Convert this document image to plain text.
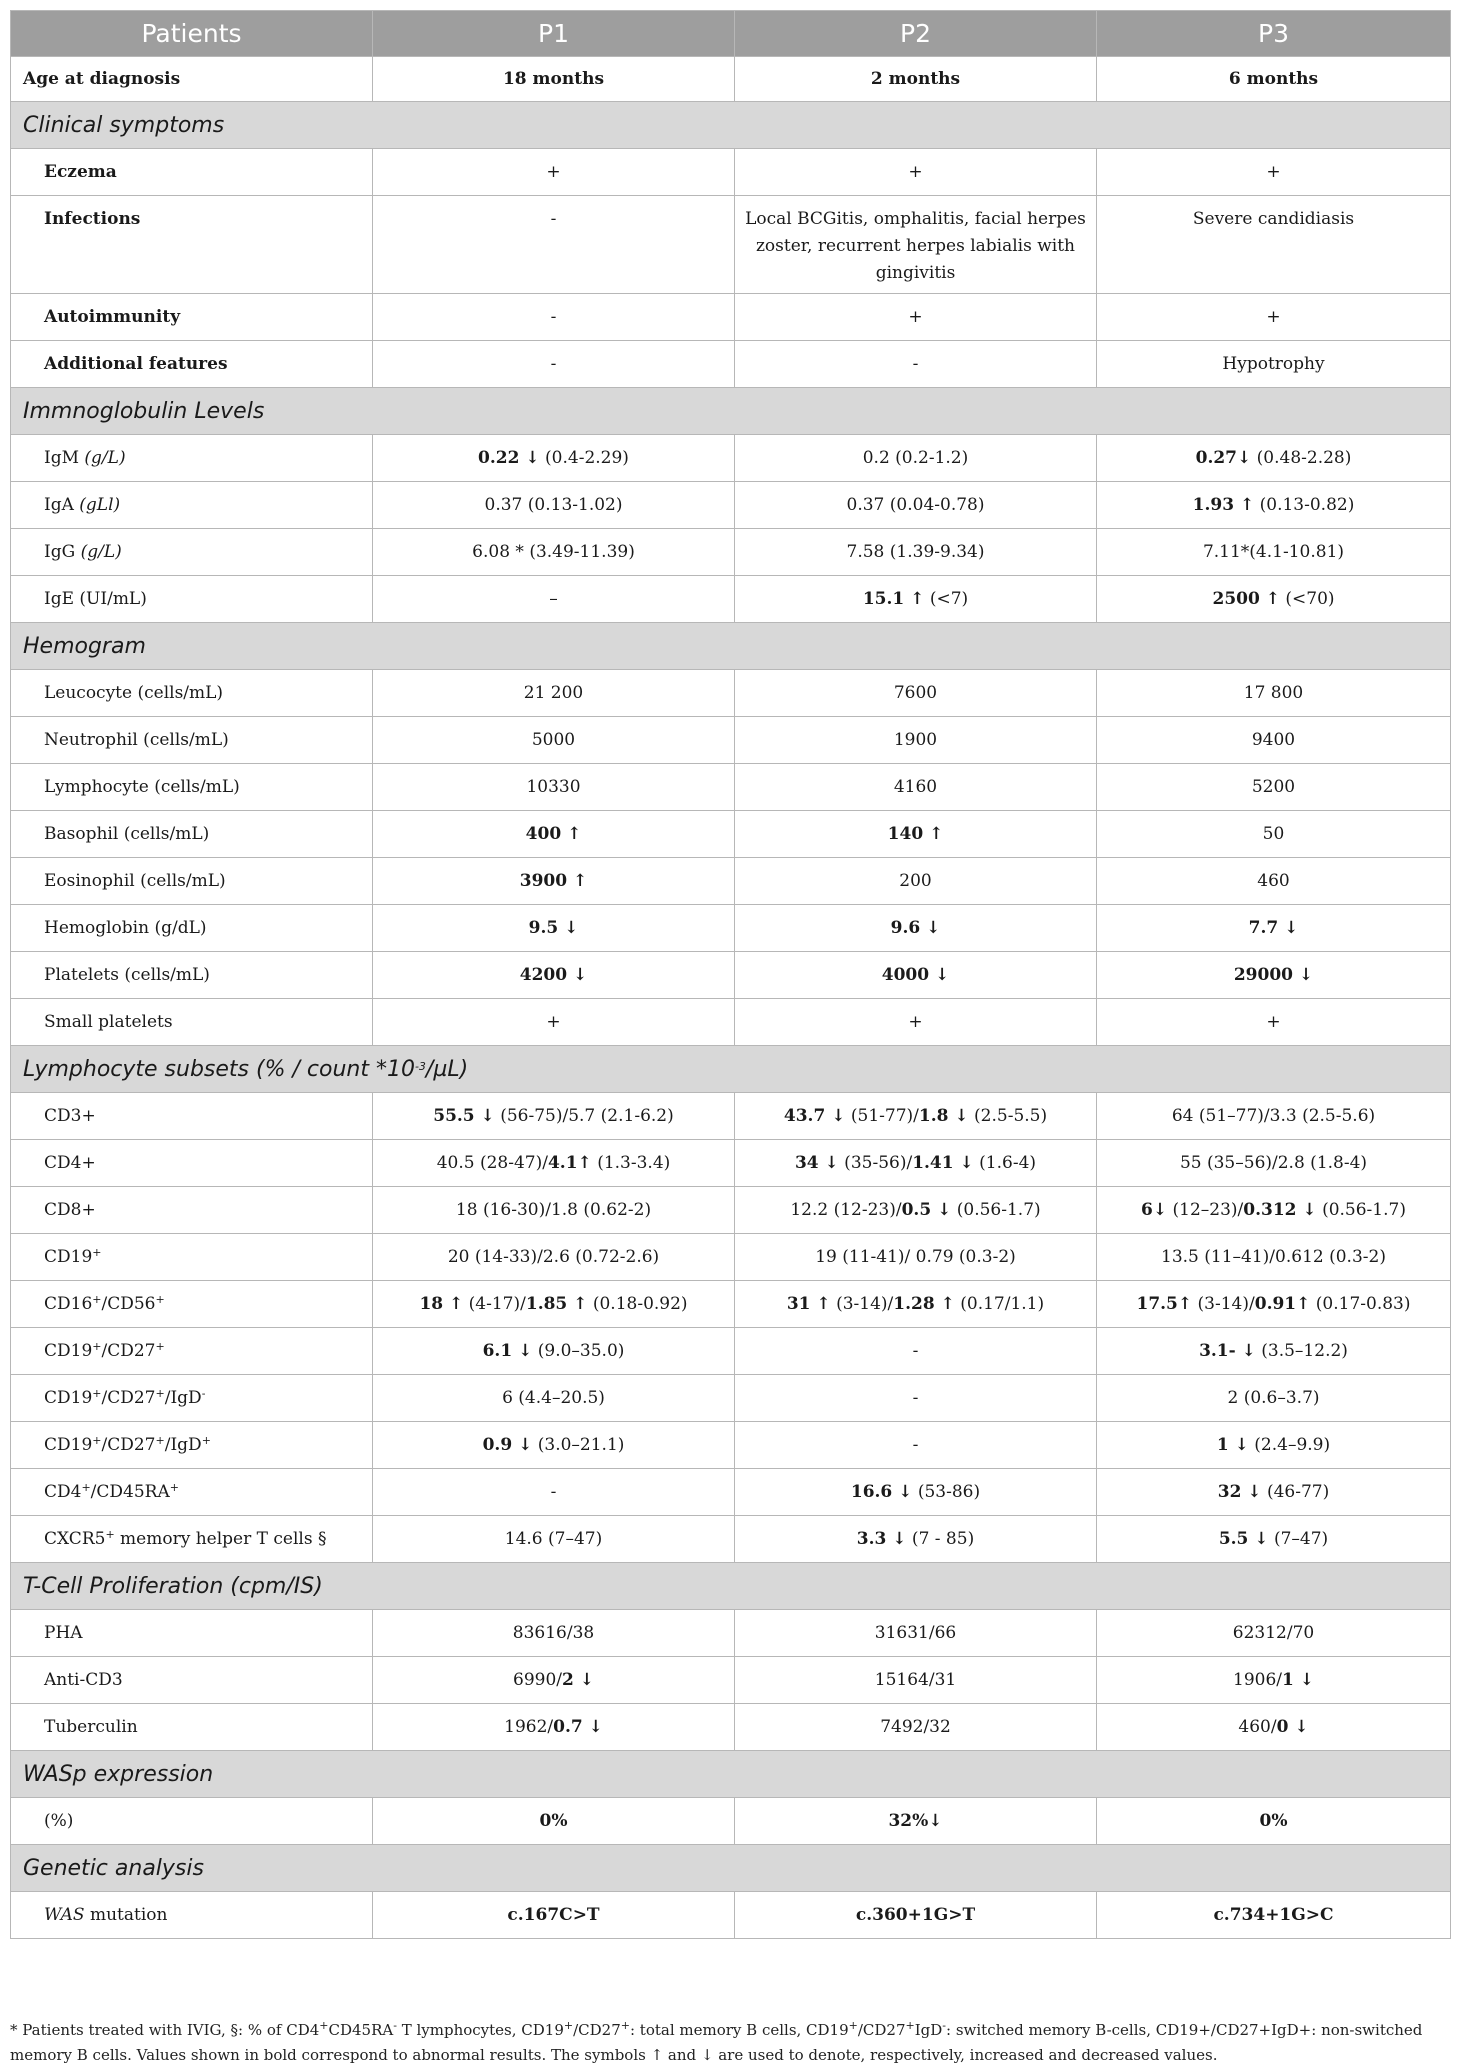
Patients	P1	P2	P3
Age at diagnosis	18 months	2 months	6 months
Clinical symptoms			
Eczema	+	+	+
Infections	-	Local BCGitis, omphalitis, facial herpes zoster, recurrent herpes labialis with gingivitis	Severe candidiasis
Autoimmunity	-	+	+
Additional features	-	-	Hypotrophy
Immnoglobulin Levels			
IgM (g/L)	0.22 ↓ (0.4-2.29)	0.2 (0.2-1.2)	0.27↓ (0.48-2.28)
IgA (gLl)	0.37 (0.13-1.02)	0.37 (0.04-0.78)	1.93 ↑ (0.13-0.82)
IgG (g/L)	6.08 * (3.49-11.39)	7.58 (1.39-9.34)	7.11*(4.1-10.81)
IgE (UI/mL)	–	15.1 ↑ (<7)	2500 ↑ (<70)
Hemogram			
Leucocyte (cells/mL)	21 200	7600	17 800
Neutrophil (cells/mL)	5000	1900	9400
Lymphocyte (cells/mL)	10330	4160	5200
Basophil (cells/mL)	400 ↑	140 ↑	50
Eosinophil (cells/mL)	3900 ↑	200	460
Hemoglobin (g/dL)	9.5 ↓	9.6 ↓	7.7 ↓
Platelets (cells/mL)	4200 ↓	4000 ↓	29000 ↓
Small platelets	+	+	+
Lymphocyte subsets (% / count $*10^{-3}/\mu L$)			
CD3+	55.5 ↓ (56-75)/5.7 (2.1-6.2)	43.7 ↓ (51-77)/1.8 ↓ (2.5-5.5)	64 (51–77)/3.3 (2.5-5.6)
CD4+	40.5 (28-47)/4.1↑ (1.3-3.4)	34 ↓ (35-56)/1.41 ↓ (1.6-4)	55 (35–56)/2.8 (1.8-4)
CD8+	18 (16-30)/1.8 (0.62-2)	12.2 (12-23)/0.5 ↓ (0.56-1.7)	6↓ (12–23)/0.312 ↓ (0.56-1.7)
CD19+	20 (14-33)/2.6 (0.72-2.6)	19 (11-41)/ 0.79 (0.3-2)	13.5 (11–41)/0.612 (0.3-2)
CD16+/CD56+	18 ↑ (4-17)/1.85 ↑ (0.18-0.92)	31 ↑ (3-14)/1.28 ↑ (0.17/1.1)	17.5↑ (3-14)/0.91↑ (0.17-0.83)
CD19+/CD27+	6.1 ↓ (9.0–35.0)	-	3.1- ↓ (3.5–12.2)
CD19+/CD27+/IgD-	6 (4.4–20.5)	-	2 (0.6–3.7)
CD19+/CD27+/IgD+	0.9 ↓ (3.0–21.1)	-	1 ↓ (2.4–9.9)
CD4+/CD45RA+	-	16.6 ↓ (53-86)	32 ↓ (46-77)
CXCR5+ memory helper T cells §	14.6 (7–47)	3.3 ↓ (7 - 85)	5.5 ↓ (7–47)
T-Cell Proliferation (cpm/IS)			
PHA	83616/38	31631/66	62312/70
Anti-CD3	6990/2 ↓	15164/31	1906/1 ↓
Tuberculin	1962/0.7 ↓	7492/32	460/0 ↓
WASp expression			
(%)	0%	32%↓	0%
Genetic analysis			
WAS mutation	c.167C>T	c.360+1G>T	c.734+1G>C
* Patients treated with IVIG, §: % of CD4+CD45RA- T lymphocytes, CD19+/CD27+: total memory B cells, CD19+/CD27+IgD-: switched memory B-cells, CD19+/CD27+IgD+: non-switched memory B cells. Values shown in bold correspond to abnormal results. The symbols ↑ and ↓ are used to denote, respectively, increased and decreased values.
